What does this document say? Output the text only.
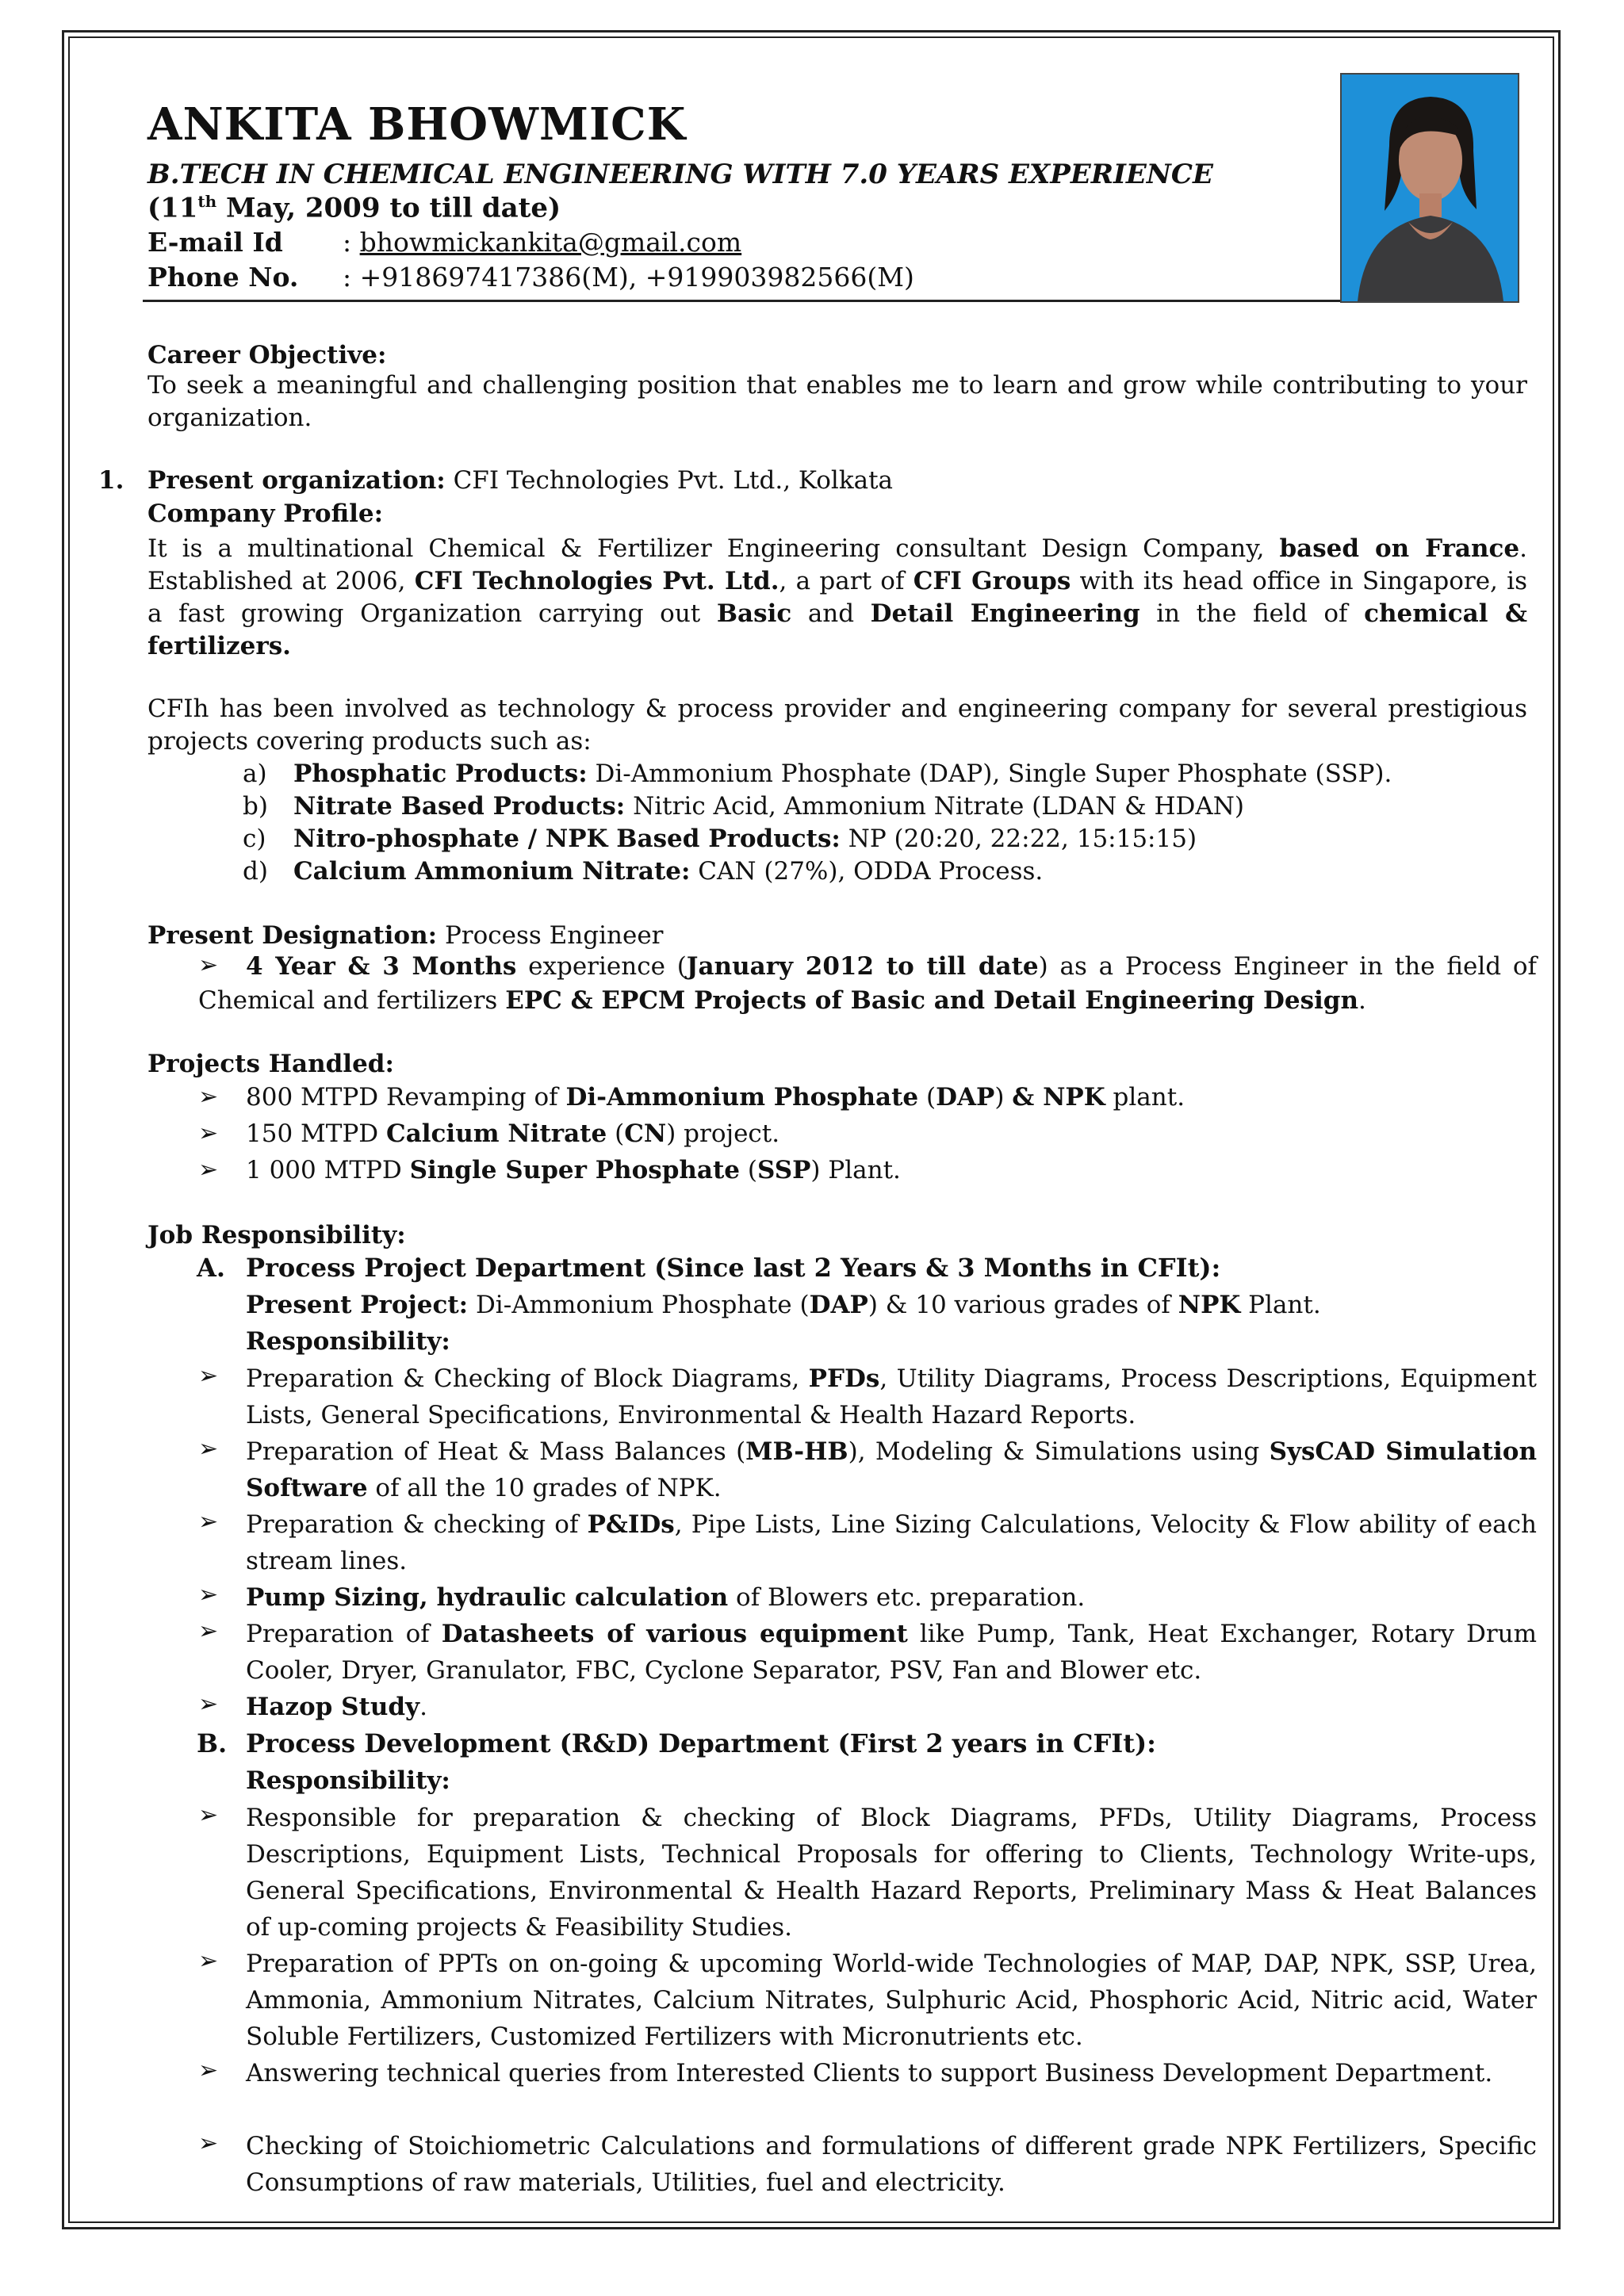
ANKITA BHOWMICK
B.TECH IN CHEMICAL ENGINEERING WITH 7.0 YEARS EXPERIENCE
(11th May, 2009 to till date)
E-mail Id : bhowmickankita@gmail.com
Phone No. : +918697417386(M), +919903982566(M)
Career Objective:
To seek a meaningful and challenging position that enables me to learn and grow while contributing to your organization.
1. Present organization: CFI Technologies Pvt. Ltd., Kolkata
Company Profile:
It is a multinational Chemical & Fertilizer Engineering consultant Design Company, based on France. Established at 2006, CFI Technologies Pvt. Ltd., a part of CFI Groups with its head office in Singapore, is a fast growing Organization carrying out Basic and Detail Engineering in the field of chemical & fertilizers.
CFIh has been involved as technology & process provider and engineering company for several prestigious projects covering products such as:
a) Phosphatic Products: Di-Ammonium Phosphate (DAP), Single Super Phosphate (SSP).
b) Nitrate Based Products: Nitric Acid, Ammonium Nitrate (LDAN & HDAN)
c) Nitro-phosphate / NPK Based Products: NP (20:20, 22:22, 15:15:15)
d) Calcium Ammonium Nitrate: CAN (27%), ODDA Process.
Present Designation: Process Engineer
➢	4 Year & 3 Months experience (January 2012 to till date) as a Process Engineer in the field of Chemical and fertilizers EPC & EPCM Projects of Basic and Detail Engineering Design.
Projects Handled:
➢ 800 MTPD Revamping of Di-Ammonium Phosphate (DAP) & NPK plant.
➢ 150 MTPD Calcium Nitrate (CN) project.
➢ 1 000 MTPD Single Super Phosphate (SSP) Plant.
Job Responsibility:
A. Process Project Department (Since last 2 Years & 3 Months in CFIt):
Present Project: Di-Ammonium Phosphate (DAP) & 10 various grades of NPK Plant.
Responsibility:
➢ Preparation & Checking of Block Diagrams, PFDs, Utility Diagrams, Process Descriptions, Equipment Lists, General Specifications, Environmental & Health Hazard Reports.
➢ Preparation of Heat & Mass Balances (MB-HB), Modeling & Simulations using SysCAD Simulation Software of all the 10 grades of NPK.
➢ Preparation & checking of P&IDs, Pipe Lists, Line Sizing Calculations, Velocity & Flow ability of each stream lines.
➢ Pump Sizing, hydraulic calculation of Blowers etc. preparation.
➢ Preparation of Datasheets of various equipment like Pump, Tank, Heat Exchanger, Rotary Drum Cooler, Dryer, Granulator, FBC, Cyclone Separator, PSV, Fan and Blower etc.
➢ Hazop Study.
B. Process Development (R&D) Department (First 2 years in CFIt):
Responsibility:
➢ Responsible for preparation & checking of Block Diagrams, PFDs, Utility Diagrams, Process Descriptions, Equipment Lists, Technical Proposals for offering to Clients, Technology Write-ups, General Specifications, Environmental & Health Hazard Reports, Preliminary Mass & Heat Balances of up-coming projects & Feasibility Studies.
➢ Preparation of PPTs on on-going & upcoming World-wide Technologies of MAP, DAP, NPK, SSP, Urea, Ammonia, Ammonium Nitrates, Calcium Nitrates, Sulphuric Acid, Phosphoric Acid, Nitric acid, Water Soluble Fertilizers, Customized Fertilizers with Micronutrients etc.
➢ Answering technical queries from Interested Clients to support Business Development Department.
➢ Checking of Stoichiometric Calculations and formulations of different grade NPK Fertilizers, Specific Consumptions of raw materials, Utilities, fuel and electricity.
